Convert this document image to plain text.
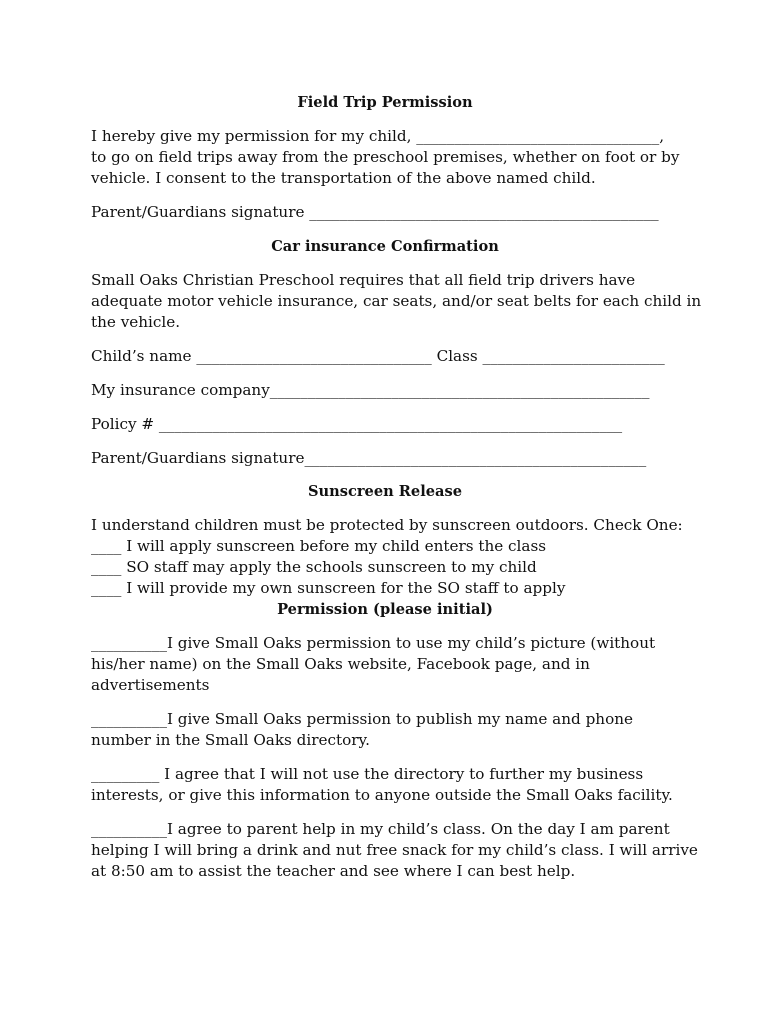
Field Trip Permission
I hereby give my permission for my child, ________________________________,
to go on field trips away from the preschool premises, whether on foot or by
vehicle. I consent to the transportation of the above named child.
Parent/Guardians signature ______________________________________________
Car insurance Confirmation
Small Oaks Christian Preschool requires that all field trip drivers have
adequate motor vehicle insurance, car seats, and/or seat belts for each child in
the vehicle.
Child’s name _______________________________ Class ________________________
My insurance company__________________________________________________
Policy # _____________________________________________________________
Parent/Guardians signature_____________________________________________
Sunscreen Release
I understand children must be protected by sunscreen outdoors. Check One:
____ I will apply sunscreen before my child enters the class
____ SO staff may apply the schools sunscreen to my child
____ I will provide my own sunscreen for the SO staff to apply
Permission (please initial)
__________I give Small Oaks permission to use my child’s picture (without
his/her name) on the Small Oaks website, Facebook page, and in
advertisements
__________I give Small Oaks permission to publish my name and phone
number in the Small Oaks directory.
_________ I agree that I will not use the directory to further my business
interests, or give this information to anyone outside the Small Oaks facility.
__________I agree to parent help in my child’s class. On the day I am parent
helping I will bring a drink and nut free snack for my child’s class. I will arrive
at 8:50 am to assist the teacher and see where I can best help.
